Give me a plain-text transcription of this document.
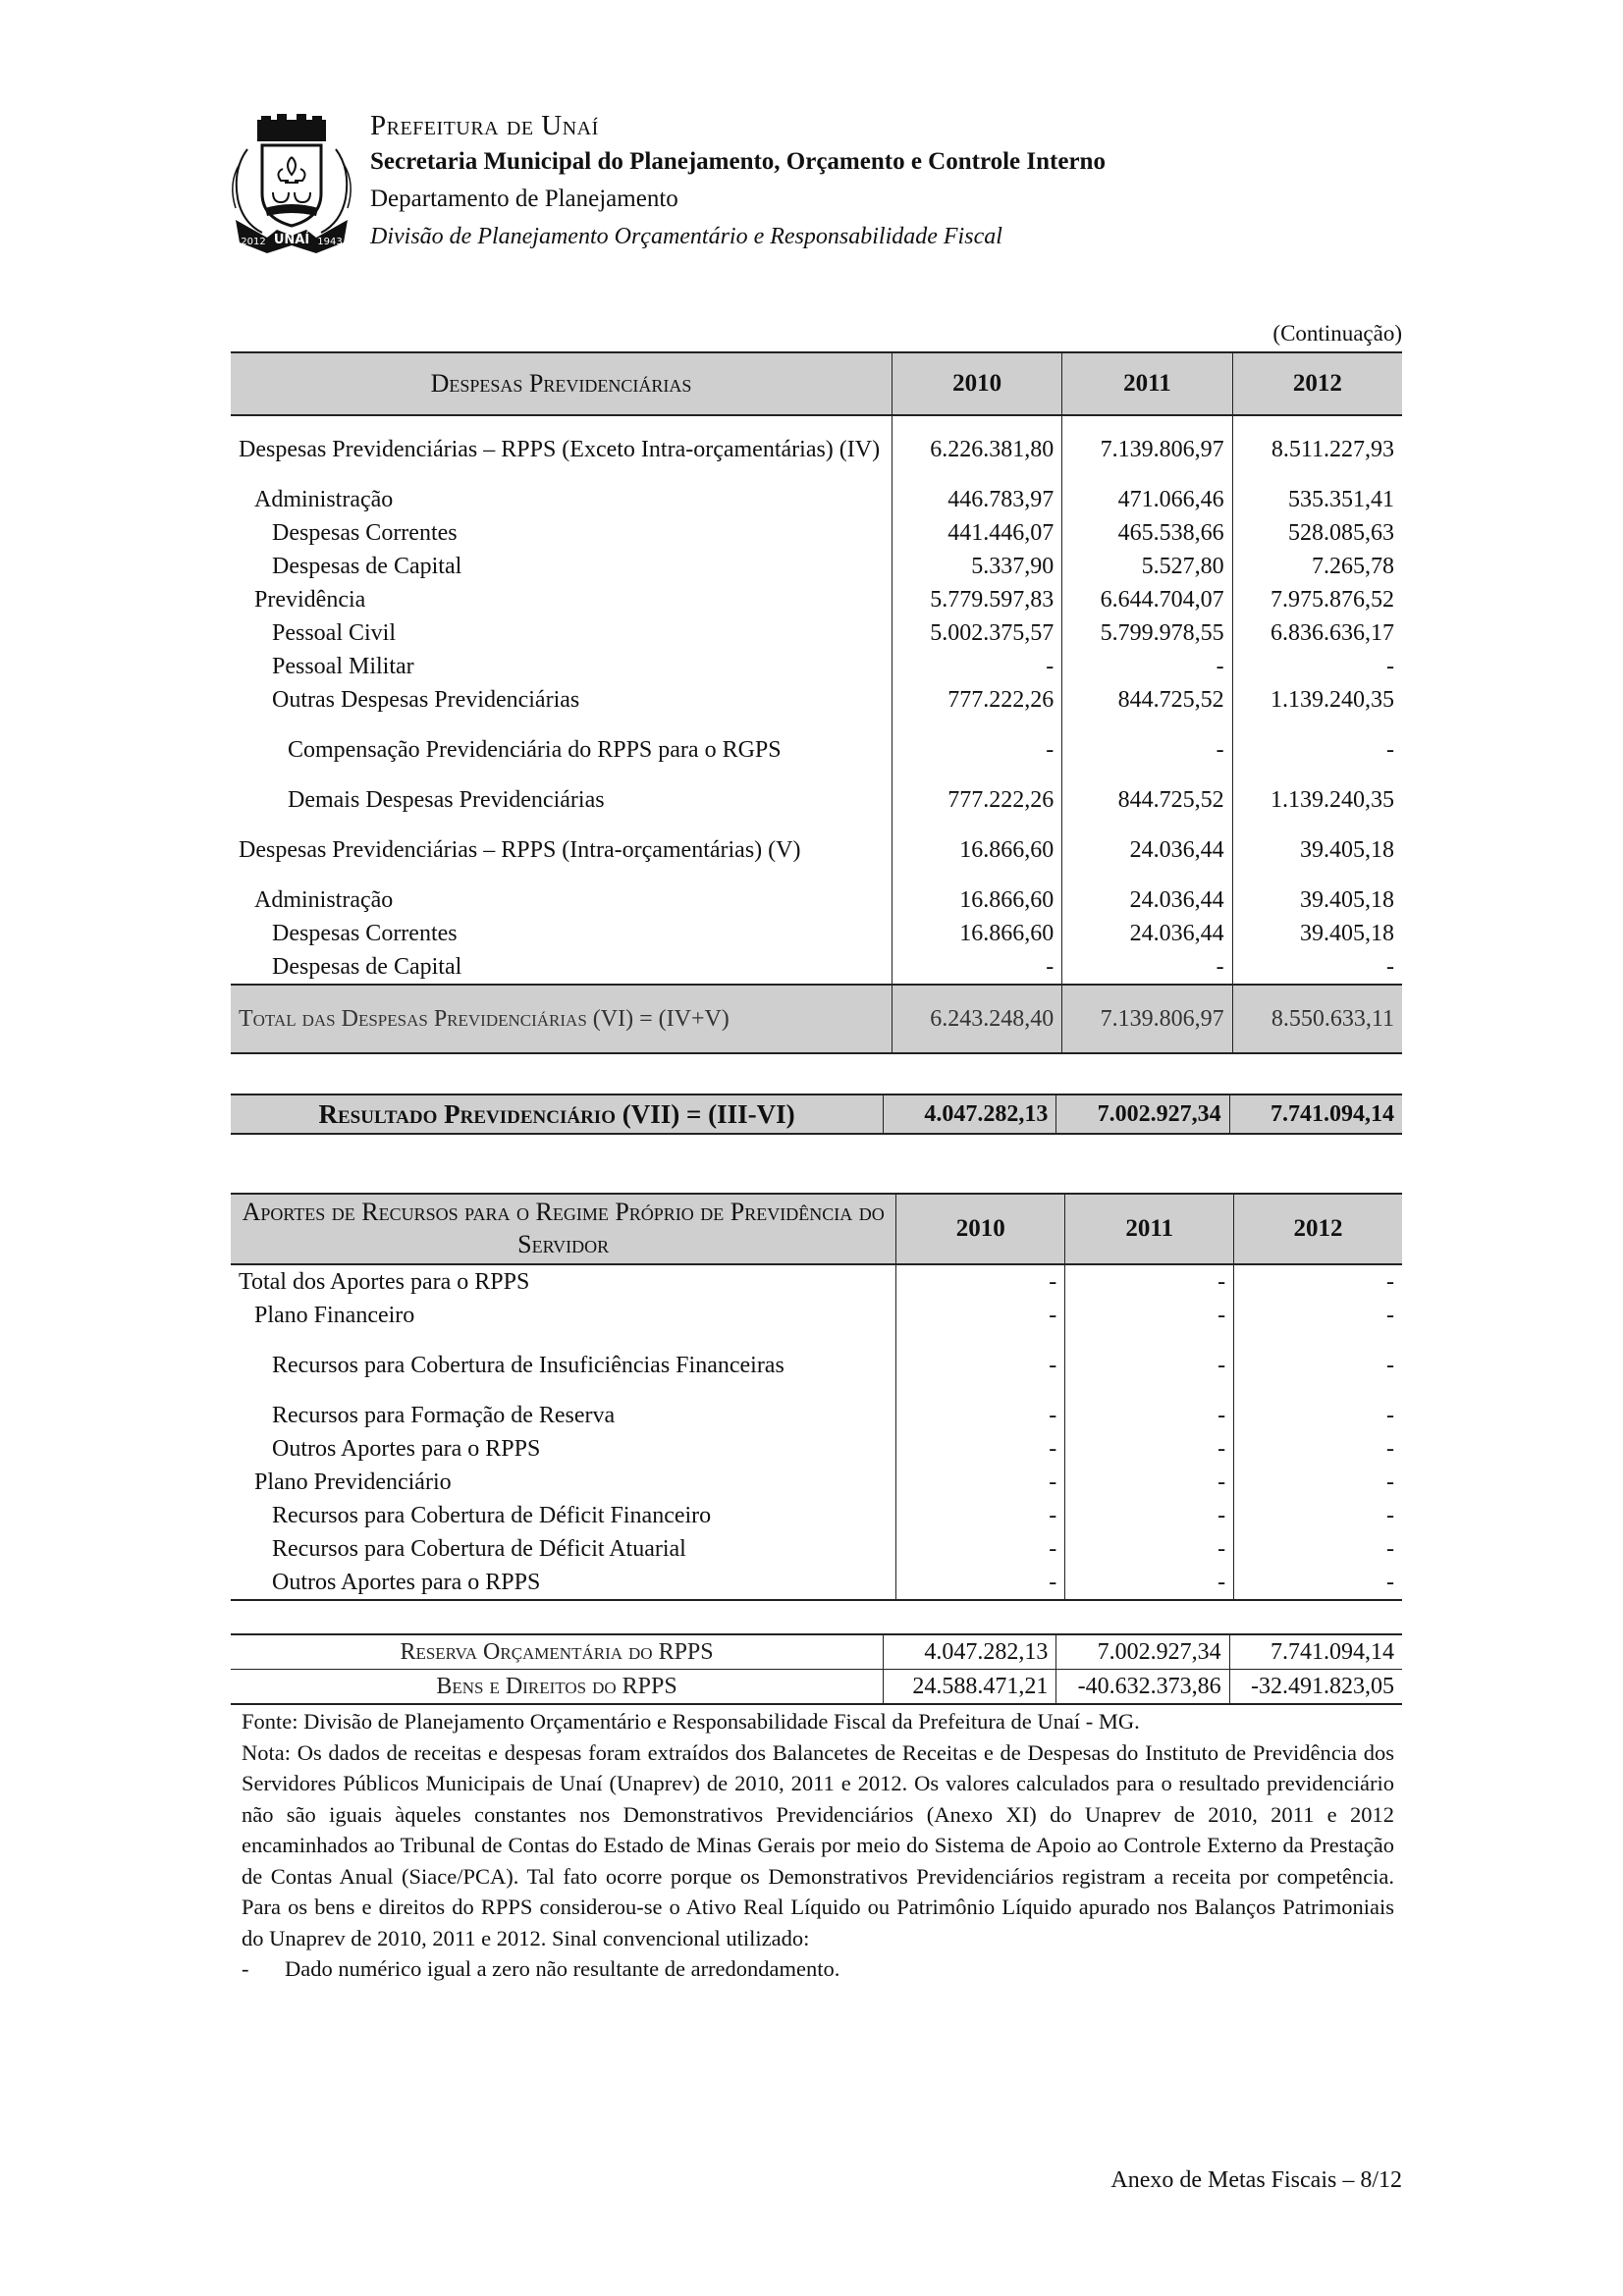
UNAÍ
2012	1943
Prefeitura de Unaí
Secretaria Municipal do Planejamento, Orçamento e Controle Interno
Departamento de Planejamento
Divisão de Planejamento Orçamentário e Responsabilidade Fiscal
(Continuação)
Despesas Previdenciárias	2010	2011	2012
Despesas Previdenciárias – RPPS (Exceto Intra-orçamentárias) (IV)	6.226.381,80	7.139.806,97	8.511.227,93
Administração	446.783,97	471.066,46	535.351,41
Despesas Correntes	441.446,07	465.538,66	528.085,63
Despesas de Capital	5.337,90	5.527,80	7.265,78
Previdência	5.779.597,83	6.644.704,07	7.975.876,52
Pessoal Civil	5.002.375,57	5.799.978,55	6.836.636,17
Pessoal Militar	-	-	-
Outras Despesas Previdenciárias	777.222,26	844.725,52	1.139.240,35
Compensação Previdenciária do RPPS para o RGPS	-	-	-
Demais Despesas Previdenciárias	777.222,26	844.725,52	1.139.240,35
Despesas Previdenciárias – RPPS (Intra-orçamentárias) (V)	16.866,60	24.036,44	39.405,18
Administração	16.866,60	24.036,44	39.405,18
Despesas Correntes	16.866,60	24.036,44	39.405,18
Despesas de Capital	-	-	-
Total das Despesas Previdenciárias (VI) = (IV+V)	6.243.248,40	7.139.806,97	8.550.633,11
Resultado Previdenciário (VII) = (III-VI)	4.047.282,13	7.002.927,34	7.741.094,14
Aportes de Recursos para o Regime Próprio de Previdência do Servidor	2010	2011	2012
Total dos Aportes para o RPPS	-	-	-
Plano Financeiro	-	-	-
Recursos para Cobertura de Insuficiências Financeiras	-	-	-
Recursos para Formação de Reserva	-	-	-
Outros Aportes para o RPPS	-	-	-
Plano Previdenciário	-	-	-
Recursos para Cobertura de Déficit Financeiro	-	-	-
Recursos para Cobertura de Déficit Atuarial	-	-	-
Outros Aportes para o RPPS	-	-	-
Reserva Orçamentária do RPPS	4.047.282,13	7.002.927,34	7.741.094,14
Bens e Direitos do RPPS	24.588.471,21	-40.632.373,86	-32.491.823,05

Fonte: Divisão de Planejamento Orçamentário e Responsabilidade Fiscal da Prefeitura de Unaí - MG.

Nota: Os dados de receitas e despesas foram extraídos dos Balancetes de Receitas e de Despesas do Instituto de Previdência dos Servidores Públicos Municipais de Unaí (Unaprev) de 2010, 2011 e 2012. Os valores calculados para o resultado previdenciário não são iguais àqueles constantes nos Demonstrativos Previdenciários (Anexo XI) do Unaprev de 2010, 2011 e 2012 encaminhados ao Tribunal de Contas do Estado de Minas Gerais por meio do Sistema de Apoio ao Controle Externo da Prestação de Contas Anual (Siace/PCA). Tal fato ocorre porque os Demonstrativos Previdenciários registram a receita por competência. Para os bens e direitos do RPPS considerou-se o Ativo Real Líquido ou Patrimônio Líquido apurado nos Balanços Patrimoniais do Unaprev de 2010, 2011 e 2012. Sinal convencional utilizado:

-	Dado numérico igual a zero não resultante de arredondamento.
Anexo de Metas Fiscais – 8/12
